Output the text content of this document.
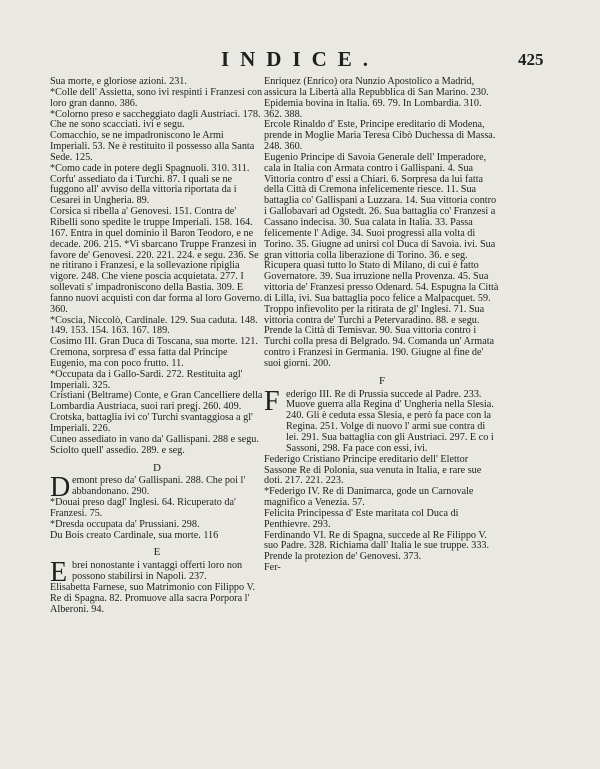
INDICE.	425

Sua morte, e gloriose azioni. 231.

*Colle dell' Assietta, sono ivi respinti i Franzesi con loro gran danno. 386.

*Colorno preso e saccheggiato dagli Austriaci. 178. Che ne sono scacciati. ivi e segu.

Comacchio, se ne impadroniscono le Armi Imperiali. 53. Ne è restituito il possesso alla Santa Sede. 125.

*Como cade in potere degli Spagnuoli. 310. 311.

Corfu' assediato da i Turchi. 87. I quali se ne fuggono all' avviso della vittoria riportata da i Cesarei in Ungheria. 89.

Corsica si ribella a' Genovesi. 151. Contra de' Ribelli sono spedite le truppe Imperiali. 158. 164. 167. Entra in quel dominio il Baron Teodoro, e ne decade. 206. 215. *Vi sbarcano Truppe Franzesi in favore de' Genovesi. 220. 221. 224. e segu. 236. Se ne ritirano i Franzesi, e la sollevazione ripiglia vigore. 248. Che viene poscia acquietata. 277. I sollevati s' impadroniscono della Bastia. 309. E fanno nuovi acquisti con dar forma al loro Governo. 360.

*Coscia, Niccolò, Cardinale. 129. Sua caduta. 148. 149. 153. 154. 163. 167. 189.

Cosimo III. Gran Duca di Toscana, sua morte. 121.

Cremona, sorpresa d' essa fatta dal Principe Eugenio, ma con poco frutto. 11.

*Occupata da i Gallo-Sardi. 272. Restituita agl' Imperiali. 325.

Cristiani (Beltrame) Conte, e Gran Cancelliere della Lombardia Austriaca, suoi rari pregj. 260. 409.

Crotska, battaglia ivi co' Turchi svantaggiosa a gl' Imperiali. 226.

Cuneo assediato in vano da' Gallispani. 288 e segu. Sciolto quell' assedio. 289. e seg.

D

D emont preso da' Gallispani. 288. Che poi l' abbandonano. 290.

*Douai preso dagl' Inglesi. 64. Ricuperato da' Franzesi. 75.

*Dresda occupata da' Prussiani. 298.

Du Bois creato Cardinale, sua morte. 116

E

E brei nonostante i vantaggi offerti loro non possono stabilirsi in Napoli. 237.

Elisabetta Farnese, suo Matrimonio con Filippo V. Re di Spagna. 82. Promuove alla sacra Porpora l' Alberoni. 94.

Enriquez (Enrico) ora Nunzio Apostolico a Madrid, assicura la Libertà alla Repubblica di San Marino. 230.

Epidemia bovina in Italia. 69. 79. In Lombardia. 310. 362. 388.

Ercole Rinaldo d' Este, Principe ereditario di Modena, prende in Moglie Maria Teresa Cibò Duchessa di Massa. 248. 360.

Eugenio Principe di Savoia Generale dell' Imperadore, cala in Italia con Armata contro i Gallispani. 4. Sua Vittoria contro d' essi a Chiari. 6. Sorpresa da lui fatta della Città di Cremona infelicemente riesce. 11. Sua battaglia co' Gallispani a Luzzara. 14. Sua vittoria contro i Gallobavari ad Ogstedt. 26. Sua battaglia co' Franzesi a Cassano indecisa. 30. Sua calata in Italia. 33. Passa felicemente l' Adige. 34. Suoi progressi alla volta di Torino. 35. Giugne ad unirsi col Duca di Savoia. ivi. Sua gran vittoria colla liberazione di Torino. 36. e seg. Ricupera quasi tutto lo Stato di Milano, di cui è fatto Governatore. 39. Sua irruzione nella Provenza. 45. Sua vittoria de' Franzesi presso Odenard. 54. Espugna la Città di Lilla, ivi. Sua battaglia poco felice a Malpacquet. 59. Troppo infievolito per la ritirata de gl' Inglesi. 71. Sua vittoria contra de' Turchi a Petervaradino. 88. e segu. Prende la Città di Temisvar. 90. Sua vittoria contro i Turchi colla presa di Belgrado. 94. Comanda un' Armata contro i Franzesi in Germania. 190. Giugne al fine de' suoi giorni. 200.

F

F ederigo III. Re di Prussia succede al Padre. 233. Muove guerra alla Regina d' Ungheria nella Slesia. 240. Gli è ceduta essa Slesia, e però fa pace con la Regina. 251. Volge di nuovo l' armi sue contra di lei. 291. Sua battaglia con gli Austriaci. 297. E co i Sassoni, 298. Fa pace con essi, ivi.

Federigo Cristiano Principe ereditario dell' Elettor Sassone Re di Polonia, sua venuta in Italia, e rare sue doti. 217. 221. 223.

*Federigo IV. Re di Danimarca, gode un Carnovale magnifico a Venezia. 57.

Felicita Principessa d' Este maritata col Duca di Penthievre. 293.

Ferdinando VI. Re di Spagna, succede al Re Filippo V. suo Padre. 328. Richiama dall' Italia le sue truppe. 333. Prende la protezion de' Genovesi. 373.

Fer-
